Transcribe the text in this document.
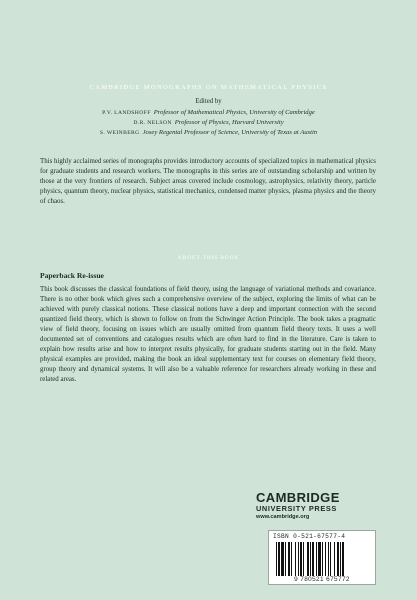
CAMBRIDGE MONOGRAPHS ON MATHEMATICAL PHYSICS
Edited by
P.V. LANDSHOFF Professor of Mathematical Physics, University of Cambridge
D.R. NELSON Professor of Physics, Harvard University
S. WEINBERG Josey Regental Professor of Science, University of Texas at Austin
This highly acclaimed series of monographs provides introductory accounts of specialized topics in mathematical physics for graduate students and research workers. The monographs in this series are of outstanding scholarship and written by those at the very frontiers of research. Subject areas covered include cosmology, astrophysics, relativity theory, particle physics, quantum theory, nuclear physics, statistical mechanics, condensed matter physics, plasma physics and the theory of chaos.
ABOUT THIS BOOK
Paperback Re-issue
This book discusses the classical foundations of field theory, using the language of variational methods and covariance. There is no other book which gives such a comprehensive overview of the subject, exploring the limits of what can be achieved with purely classical notions. These classical notions have a deep and important connection with the second quantized field theory, which is shown to follow on from the Schwinger Action Principle. The book takes a pragmatic view of field theory, focusing on issues which are usually omitted from quantum field theory texts. It uses a well documented set of conventions and catalogues results which are often hard to find in the literature. Care is taken to explain how results arise and how to interpret results physically, for graduate students starting out in the field. Many physical examples are provided, making the book an ideal supplementary text for courses on elementary field theory, group theory and dynamical systems. It will also be a valuable reference for researchers already working in these and related areas.
CAMBRIDGE
UNIVERSITY PRESS
www.cambridge.org
ISBN 0-521-67577-4
9 780521 675772
